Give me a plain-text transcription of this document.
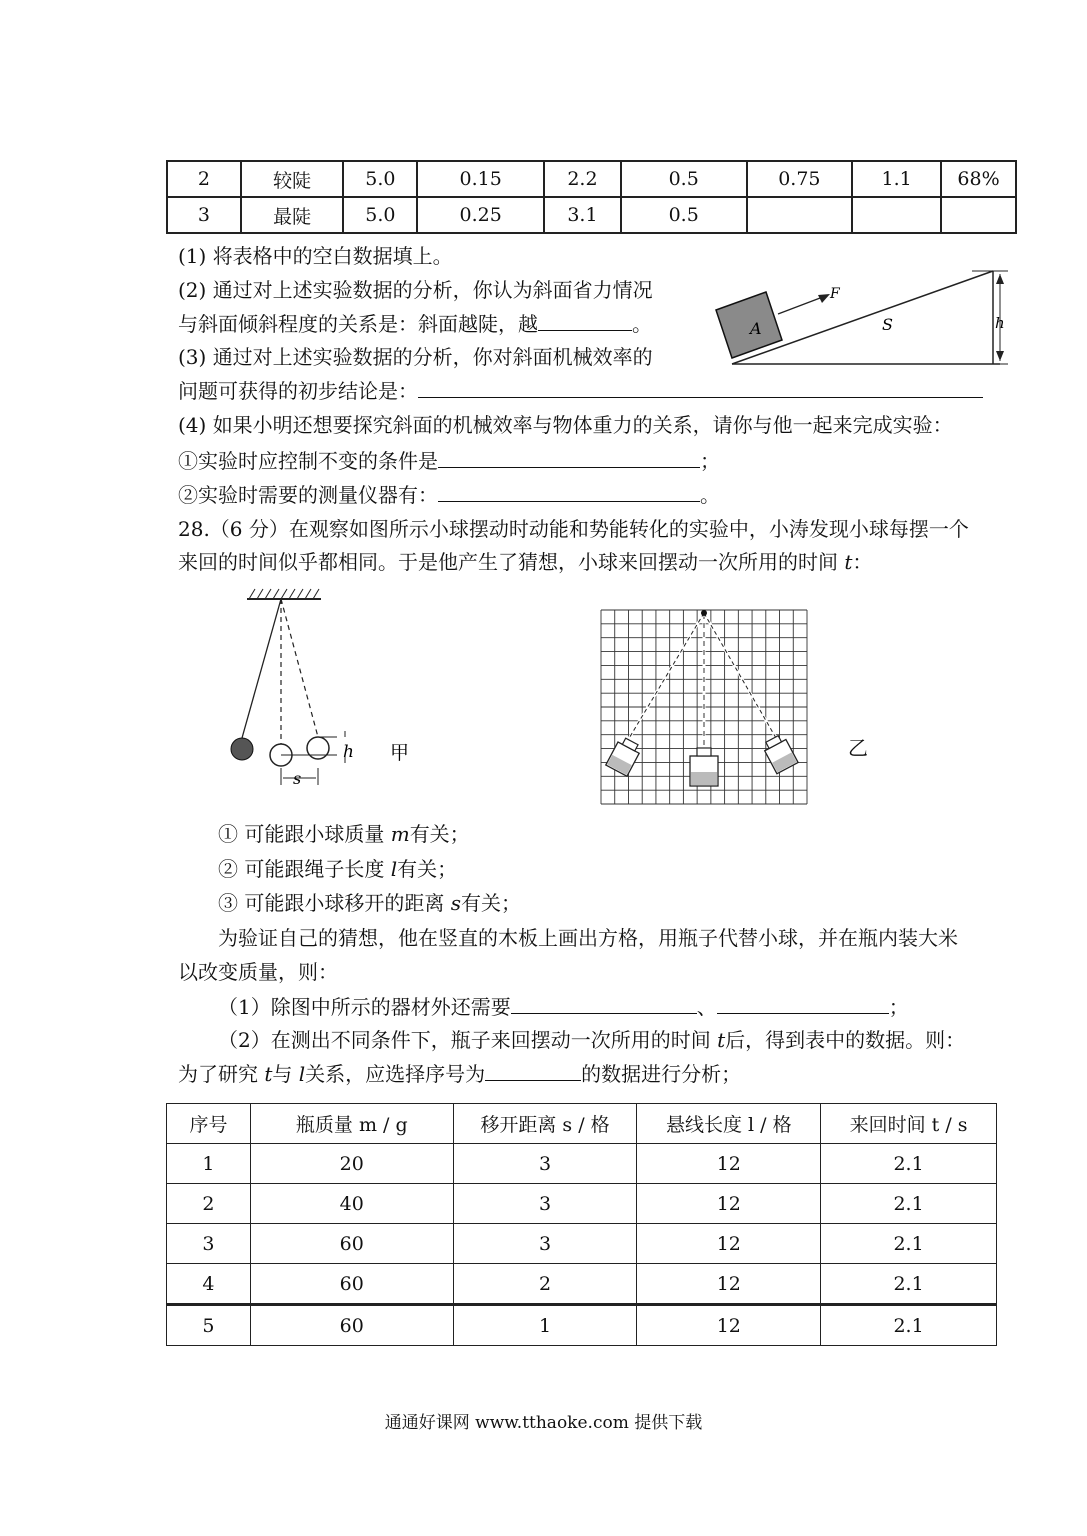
2	较陡	5.0	0.15	2.2	0.5	0.75	1.1	68%
3	最陡	5.0	0.25	3.1	0.5			
(1) 将表格中的空白数据填上。
(2) 通过对上述实验数据的分析，你认为斜面省力情况
与斜面倾斜程度的关系是：斜面越陡，越	。
(3) 通过对上述实验数据的分析，你对斜面机械效率的
问题可获得的初步结论是：
(4) 如果小明还想要探究斜面的机械效率与物体重力的关系，请你与他一起来完成实验：
①实验时应控制不变的条件是	；
②实验时需要的测量仪器有：	。
A
F
S	h
28.（6 分）在观察如图所示小球摆动时动能和势能转化的实验中，小涛发现小球每摆一个
来回的时间似乎都相同。于是他产生了猜想，小球来回摆动一次所用的时间 t：
h
s
甲	乙
① 可能跟小球质量 m有关；
② 可能跟绳子长度 l有关；
③ 可能跟小球移开的距离 s有关；
为验证自己的猜想，他在竖直的木板上画出方格，用瓶子代替小球，并在瓶内装大米
以改变质量，则：
（1）除图中所示的器材外还需要	、	；
（2）在测出不同条件下，瓶子来回摆动一次所用的时间 t后，得到表中的数据。则：
为了研究 t与 l关系，应选择序号为	的数据进行分析；
序号	瓶质量 m / g	移开距离 s / 格	悬线长度 l / 格	来回时间 t / s
1	20	3	12	2.1
2	40	3	12	2.1
3	60	3	12	2.1
4	60	2	12	2.1
5	60	1	12	2.1
通通好课网 www.tthaoke.com 提供下载
